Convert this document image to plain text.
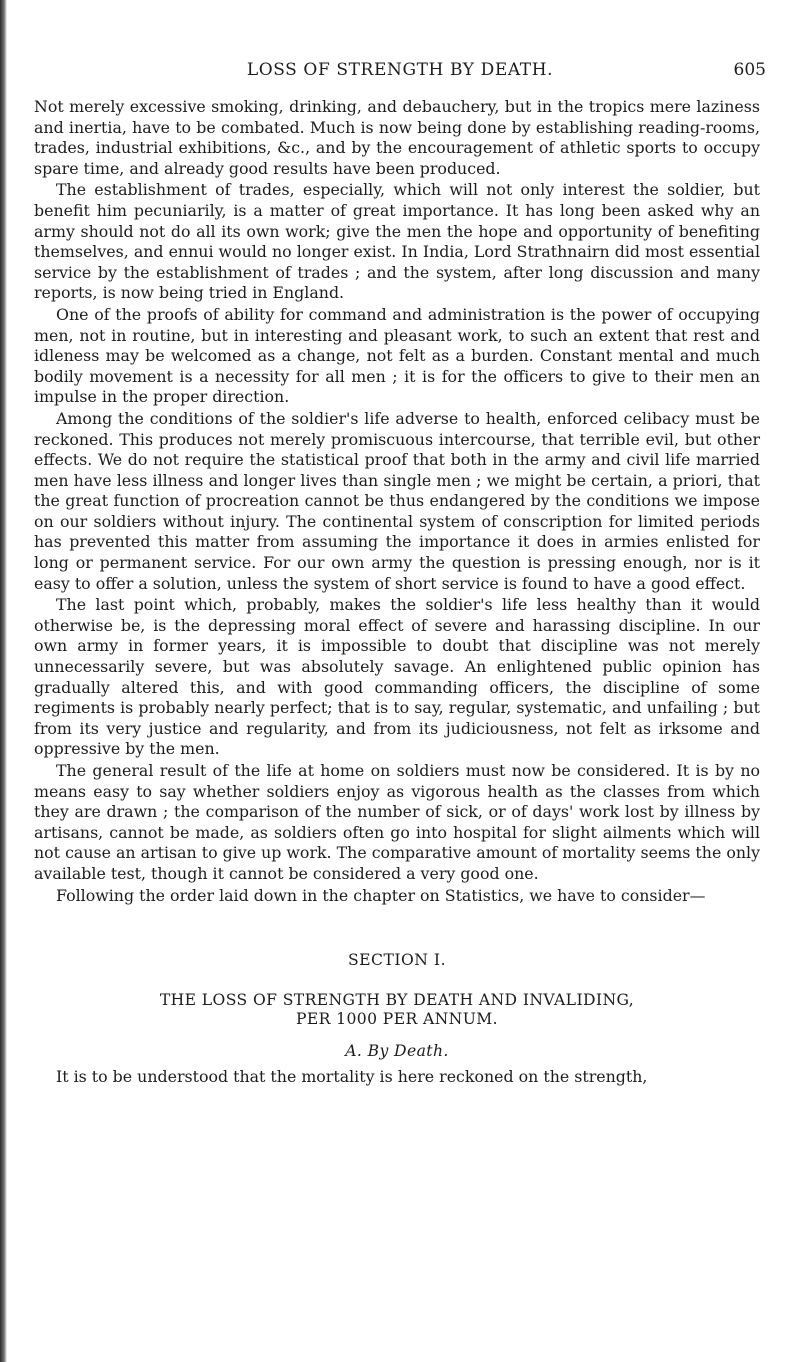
LOSS OF STRENGTH BY DEATH.	605

Not merely excessive smoking, drinking, and debauchery, but in the tropics mere laziness and inertia, have to be combated. Much is now being done by establishing reading-rooms, trades, industrial exhibitions, &c., and by the encouragement of athletic sports to occupy spare time, and already good results have been produced.

The establishment of trades, especially, which will not only interest the soldier, but benefit him pecuniarily, is a matter of great importance. It has long been asked why an army should not do all its own work; give the men the hope and opportunity of benefiting themselves, and ennui would no longer exist. In India, Lord Strathnairn did most essential service by the establishment of trades ; and the system, after long discussion and many reports, is now being tried in England.

One of the proofs of ability for command and administration is the power of occupying men, not in routine, but in interesting and pleasant work, to such an extent that rest and idleness may be welcomed as a change, not felt as a burden. Constant mental and much bodily movement is a necessity for all men ; it is for the officers to give to their men an impulse in the proper direction.

Among the conditions of the soldier's life adverse to health, enforced celibacy must be reckoned. This produces not merely promiscuous intercourse, that terrible evil, but other effects. We do not require the statistical proof that both in the army and civil life married men have less illness and longer lives than single men ; we might be certain, a priori, that the great function of procreation cannot be thus endangered by the conditions we impose on our soldiers without injury. The continental system of conscription for limited periods has prevented this matter from assuming the importance it does in armies enlisted for long or permanent service. For our own army the question is pressing enough, nor is it easy to offer a solution, unless the system of short service is found to have a good effect.

The last point which, probably, makes the soldier's life less healthy than it would otherwise be, is the depressing moral effect of severe and harassing discipline. In our own army in former years, it is impossible to doubt that discipline was not merely unnecessarily severe, but was absolutely savage. An enlightened public opinion has gradually altered this, and with good commanding officers, the discipline of some regiments is probably nearly perfect; that is to say, regular, systematic, and unfailing ; but from its very justice and regularity, and from its judiciousness, not felt as irksome and oppressive by the men.

The general result of the life at home on soldiers must now be considered. It is by no means easy to say whether soldiers enjoy as vigorous health as the classes from which they are drawn ; the comparison of the number of sick, or of days' work lost by illness by artisans, cannot be made, as soldiers often go into hospital for slight ailments which will not cause an artisan to give up work. The comparative amount of mortality seems the only available test, though it cannot be considered a very good one.

Following the order laid down in the chapter on Statistics, we have to consider—

SECTION I.
THE LOSS OF STRENGTH BY DEATH AND INVALIDING,
PER 1000 PER ANNUM.
A. By Death.

It is to be understood that the mortality is here reckoned on the strength,
